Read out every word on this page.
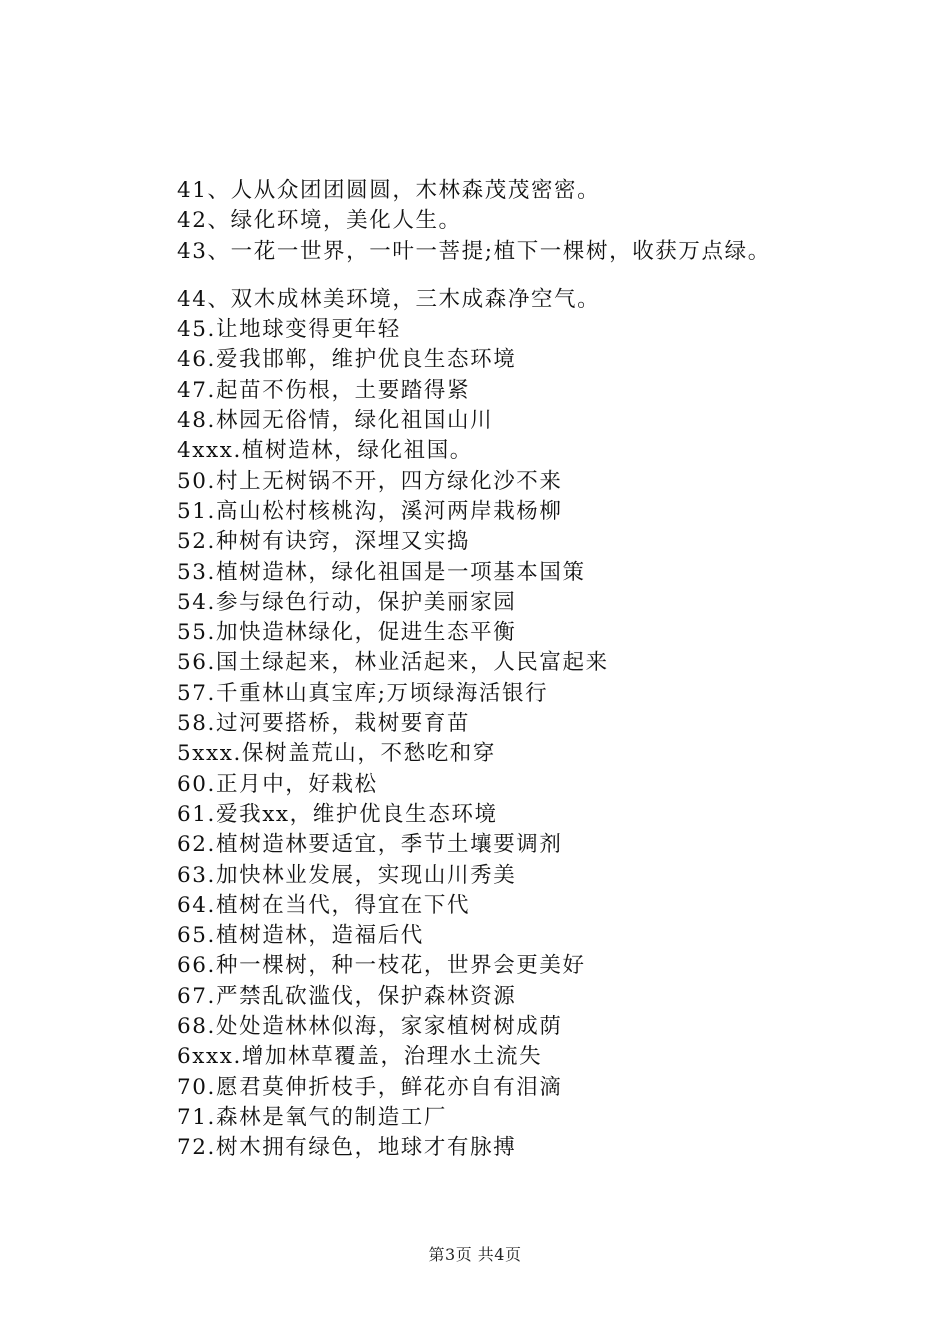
41、人从众团团圆圆，木林森茂茂密密。
42、绿化环境，美化人生。
43、一花一世界，一叶一菩提;植下一棵树，收获万点绿。
44、双木成林美环境，三木成森净空气。
45.让地球变得更年轻
46.爱我邯郸，维护优良生态环境
47.起苗不伤根，土要踏得紧
48.林园无俗情，绿化祖国山川
4xxx.植树造林，绿化祖国。
50.村上无树锅不开，四方绿化沙不来
51.高山松村核桃沟，溪河两岸栽杨柳
52.种树有诀窍，深埋又实捣
53.植树造林，绿化祖国是一项基本国策
54.参与绿色行动，保护美丽家园
55.加快造林绿化，促进生态平衡
56.国土绿起来，林业活起来，人民富起来
57.千重林山真宝库;万顷绿海活银行
58.过河要搭桥，栽树要育苗
5xxx.保树盖荒山，不愁吃和穿
60.正月中，好栽松
61.爱我xx，维护优良生态环境
62.植树造林要适宜，季节土壤要调剂
63.加快林业发展，实现山川秀美
64.植树在当代，得宜在下代
65.植树造林，造福后代
66.种一棵树，种一枝花，世界会更美好
67.严禁乱砍滥伐，保护森林资源
68.处处造林林似海，家家植树树成荫
6xxx.增加林草覆盖，治理水土流失
70.愿君莫伸折枝手，鲜花亦自有泪滴
71.森林是氧气的制造工厂
72.树木拥有绿色，地球才有脉搏
第3页 共4页
